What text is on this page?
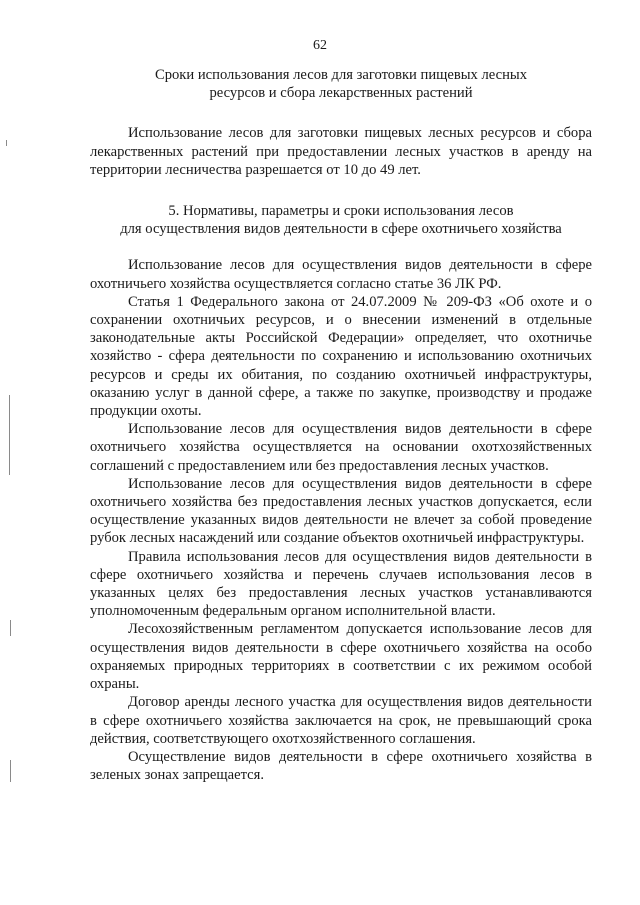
62
Сроки использования лесов для заготовки пищевых лесных
ресурсов и сбора лекарственных растений

Использование лесов для заготовки пищевых лесных ресурсов и сбора лекарственных растений при предоставлении лесных участков в аренду на территории лесничества разрешается от 10 до 49 лет.

5. Нормативы, параметры и сроки использования лесов
для осуществления видов деятельности в сфере охотничьего хозяйства

Использование лесов для осуществления видов деятельности в сфере охотничьего хозяйства осуществляется согласно статье 36 ЛК РФ.

Статья 1 Федерального закона от 24.07.2009 № 209-ФЗ «Об охоте и о сохранении охотничьих ресурсов, и о внесении изменений в отдельные законодательные акты Российской Федерации» определяет, что охотничье хозяйство - сфера деятельности по сохранению и использованию охотничьих ресурсов и среды их обитания, по созданию охотничьей инфраструктуры, оказанию услуг в данной сфере, а также по закупке, производству и продаже продукции охоты.

Использование лесов для осуществления видов деятельности в сфере охотничьего хозяйства осуществляется на основании охотхозяйственных соглашений с предоставлением или без предоставления лесных участков.

Использование лесов для осуществления видов деятельности в сфере охотничьего хозяйства без предоставления лесных участков допускается, если осуществление указанных видов деятельности не влечет за собой проведение рубок лесных насаждений или создание объектов охотничьей инфраструктуры.

Правила использования лесов для осуществления видов деятельности в сфере охотничьего хозяйства и перечень случаев использования лесов в указанных целях без предоставления лесных участков устанавливаются уполномоченным федеральным органом исполнительной власти.

Лесохозяйственным регламентом допускается использование лесов для осуществления видов деятельности в сфере охотничьего хозяйства на особо охраняемых природных территориях в соответствии с их режимом особой охраны.

Договор аренды лесного участка для осуществления видов деятельности в сфере охотничьего хозяйства заключается на срок, не превышающий срока действия, соответствующего охотхозяйственного соглашения.

Осуществление видов деятельности в сфере охотничьего хозяйства в зеленых зонах запрещается.
